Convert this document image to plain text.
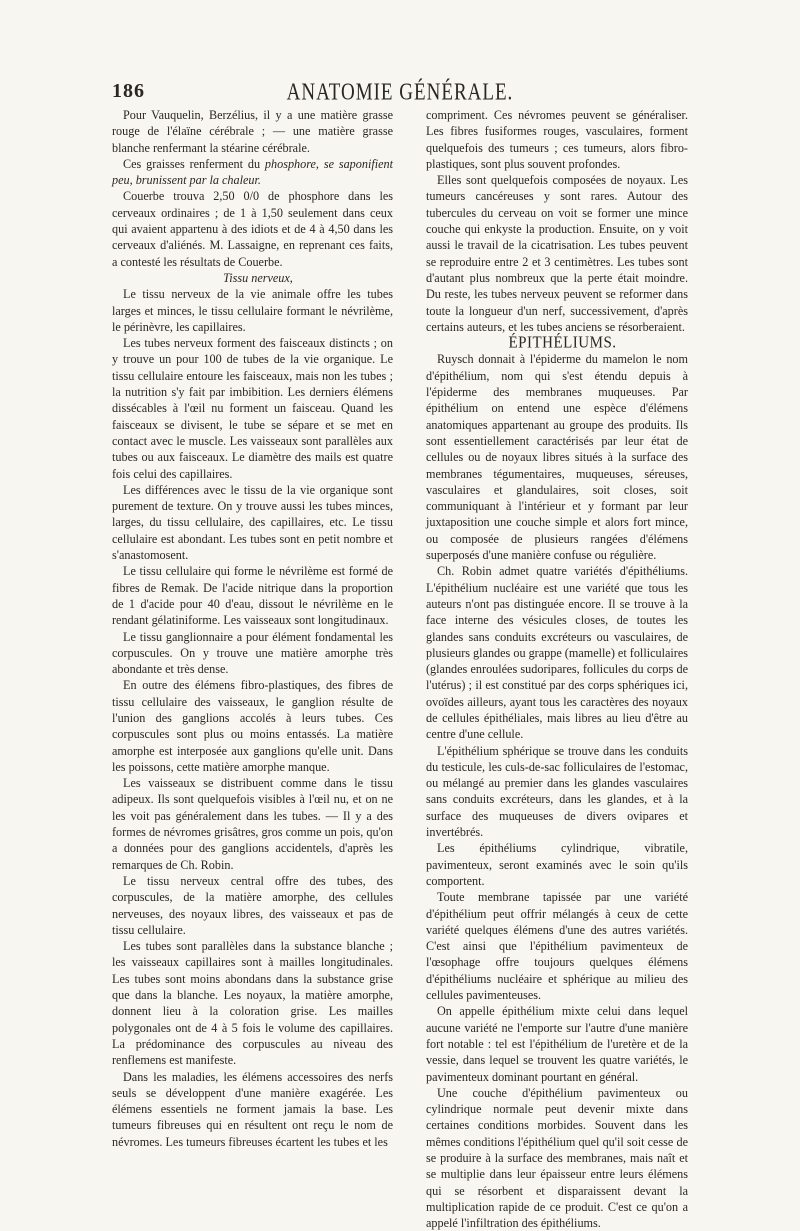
186	ANATOMIE GÉNÉRALE.

Pour Vauquelin, Berzélius, il y a une matière grasse rouge de l'élaïne cérébrale ; — une matière grasse blanche renfermant la stéarine cérébrale.

Ces graisses renferment du phosphore, se saponifient peu, brunissent par la chaleur.

Couerbe trouva 2,50 0/0 de phosphore dans les cerveaux ordinaires ; de 1 à 1,50 seulement dans ceux qui avaient appartenu à des idiots et de 4 à 4,50 dans les cerveaux d'aliénés. M. Lassaigne, en reprenant ces faits, a contesté les résultats de Couerbe.

Tissu nerveux,

Le tissu nerveux de la vie animale offre les tubes larges et minces, le tissu cellulaire formant le névrilème, le périnèvre, les capillaires.

Les tubes nerveux forment des faisceaux distincts ; on y trouve un pour 100 de tubes de la vie organique. Le tissu cellulaire entoure les faisceaux, mais non les tubes ; la nutrition s'y fait par imbibition. Les derniers élémens dissécables à l'œil nu forment un faisceau. Quand les faisceaux se divisent, le tube se sépare et se met en contact avec le muscle. Les vaisseaux sont parallèles aux tubes ou aux faisceaux. Le diamètre des mails est quatre fois celui des capillaires.

Les différences avec le tissu de la vie organique sont purement de texture. On y trouve aussi les tubes minces, larges, du tissu cellulaire, des capillaires, etc. Le tissu cellulaire est abondant. Les tubes sont en petit nombre et s'anastomosent.

Le tissu cellulaire qui forme le névrilème est formé de fibres de Remak. De l'acide nitrique dans la proportion de 1 d'acide pour 40 d'eau, dissout le névrilème en le rendant gélatiniforme. Les vaisseaux sont longitudinaux.

Le tissu ganglionnaire a pour élément fondamental les corpuscules. On y trouve une matière amorphe très abondante et très dense.

En outre des élémens fibro-plastiques, des fibres de tissu cellulaire des vaisseaux, le ganglion résulte de l'union des ganglions accolés à leurs tubes. Ces corpuscules sont plus ou moins entassés. La matière amorphe est interposée aux ganglions qu'elle unit. Dans les poissons, cette matière amorphe manque.

Les vaisseaux se distribuent comme dans le tissu adipeux. Ils sont quelquefois visibles à l'œil nu, et on ne les voit pas généralement dans les tubes. — Il y a des formes de névromes grisâtres, gros comme un pois, qu'on a données pour des ganglions accidentels, d'après les remarques de Ch. Robin.

Le tissu nerveux central offre des tubes, des corpuscules, de la matière amorphe, des cellules nerveuses, des noyaux libres, des vaisseaux et pas de tissu cellulaire.

Les tubes sont parallèles dans la substance blanche ; les vaisseaux capillaires sont à mailles longitudinales. Les tubes sont moins abondans dans la substance grise que dans la blanche. Les noyaux, la matière amorphe, donnent lieu à la coloration grise. Les mailles polygonales ont de 4 à 5 fois le volume des capillaires. La prédominance des corpuscules au niveau des renflemens est manifeste.

Dans les maladies, les élémens accessoires des nerfs seuls se développent d'une manière exagérée. Les élémens essentiels ne forment jamais la base. Les tumeurs fibreuses qui en résultent ont reçu le nom de névromes. Les tumeurs fibreuses écartent les tubes et les

compriment. Ces névromes peuvent se généraliser. Les fibres fusiformes rouges, vasculaires, forment quelquefois des tumeurs ; ces tumeurs, alors fibro-plastiques, sont plus souvent profondes.

Elles sont quelquefois composées de noyaux. Les tumeurs cancéreuses y sont rares. Autour des tubercules du cerveau on voit se former une mince couche qui enkyste la production. Ensuite, on y voit aussi le travail de la cicatrisation. Les tubes peuvent se reproduire entre 2 et 3 centimètres. Les tubes sont d'autant plus nombreux que la perte était moindre. Du reste, les tubes nerveux peuvent se reformer dans toute la longueur d'un nerf, successivement, d'après certains auteurs, et les tubes anciens se résorberaient.

ÉPITHÉLIUMS.

Ruysch donnait à l'épiderme du mamelon le nom d'épithélium, nom qui s'est étendu depuis à l'épiderme des membranes muqueuses. Par épithélium on entend une espèce d'élémens anatomiques appartenant au groupe des produits. Ils sont essentiellement caractérisés par leur état de cellules ou de noyaux libres situés à la surface des membranes tégumentaires, muqueuses, séreuses, vasculaires et glandulaires, soit closes, soit communiquant à l'intérieur et y formant par leur juxtaposition une couche simple et alors fort mince, ou composée de plusieurs rangées d'élémens superposés d'une manière confuse ou régulière.

Ch. Robin admet quatre variétés d'épithéliums. L'épithélium nucléaire est une variété que tous les auteurs n'ont pas distinguée encore. Il se trouve à la face interne des vésicules closes, de toutes les glandes sans conduits excréteurs ou vasculaires, de plusieurs glandes ou grappe (mamelle) et folliculaires (glandes enroulées sudoripares, follicules du corps de l'utérus) ; il est constitué par des corps sphériques ici, ovoïdes ailleurs, ayant tous les caractères des noyaux de cellules épithéliales, mais libres au lieu d'être au centre d'une cellule.

L'épithélium sphérique se trouve dans les conduits du testicule, les culs-de-sac folliculaires de l'estomac, ou mélangé au premier dans les glandes vasculaires sans conduits excréteurs, dans les glandes, et à la surface des muqueuses de divers ovipares et invertébrés.

Les épithéliums cylindrique, vibratile, pavimenteux, seront examinés avec le soin qu'ils comportent.

Toute membrane tapissée par une variété d'épithélium peut offrir mélangés à ceux de cette variété quelques élémens d'une des autres variétés. C'est ainsi que l'épithélium pavimenteux de l'œsophage offre toujours quelques élémens d'épithéliums nucléaire et sphérique au milieu des cellules pavimenteuses.

On appelle épithélium mixte celui dans lequel aucune variété ne l'emporte sur l'autre d'une manière fort notable : tel est l'épithélium de l'uretère et de la vessie, dans lequel se trouvent les quatre variétés, le pavimenteux dominant pourtant en général.

Une couche d'épithélium pavimenteux ou cylindrique normale peut devenir mixte dans certaines conditions morbides. Souvent dans les mêmes conditions l'épithélium quel qu'il soit cesse de se produire à la surface des membranes, mais naît et se multiplie dans leur épaisseur entre leurs élémens qui se résorbent et disparaissent devant la multiplication rapide de ce produit. C'est ce qu'on a appelé l'infiltration des épithéliums.
